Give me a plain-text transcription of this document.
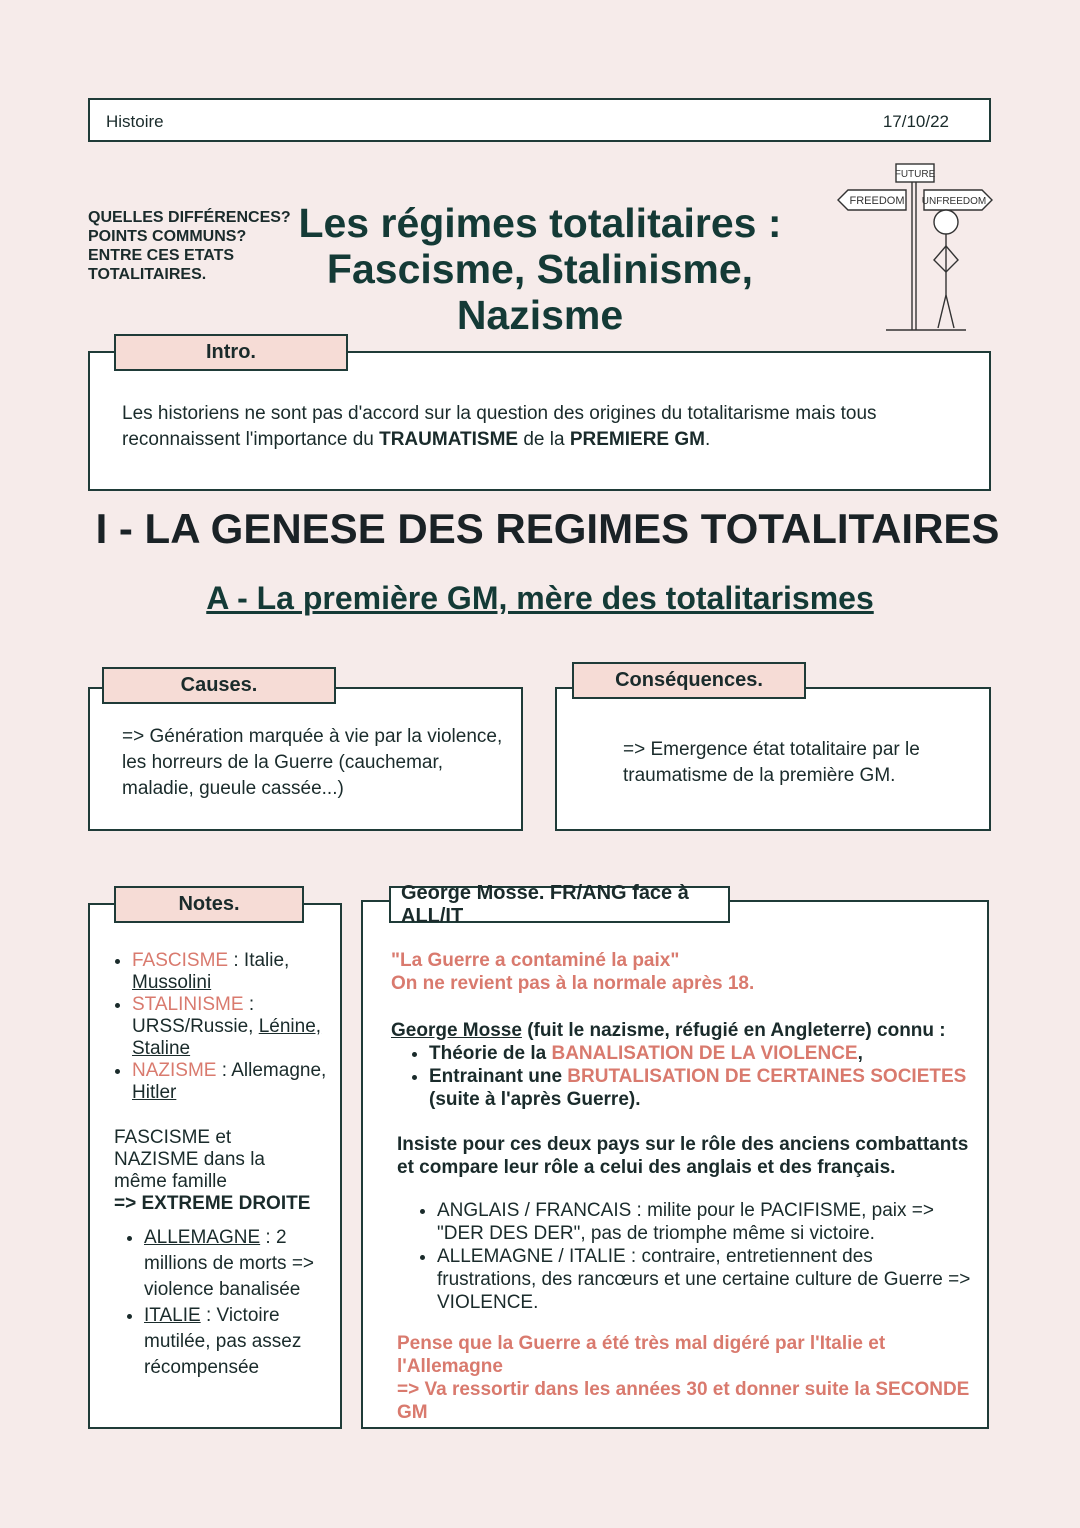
Histoire	17/10/22
QUELLES DIFFÉRENCES?
POINTS COMMUNS?
ENTRE CES ETATS
TOTALITAIRES.
Les régimes totalitaires :
Fascisme, Stalinisme, Nazisme
FUTURE
FREEDOM UNFREEDOM
Les historiens ne sont pas d'accord sur la question des origines du totalitarisme mais tous reconnaissent l'importance du TRAUMATISME de la PREMIERE GM.
Intro.
I - LA GENESE DES REGIMES TOTALITAIRES
A - La première GM, mère des totalitarismes
=> Génération marquée à vie par la violence, les horreurs de la Guerre (cauchemar, maladie, gueule cassée...)
Causes.
=> Emergence état totalitaire par le traumatisme de la première GM.
Conséquences.
• FASCISME : Italie, Mussolini
• STALINISME : URSS/Russie, Lénine, Staline
• NAZISME : Allemagne, Hitler
FASCISME et NAZISME dans la même famille
=> EXTREME DROITE
• ALLEMAGNE : 2 millions de morts => violence banalisée
• ITALIE : Victoire mutilée, pas assez récompensée
Notes.
"La Guerre a contaminé la paix"
On ne revient pas à la normale après 18.
George Mosse (fuit le nazisme, réfugié en Angleterre) connu :
• Théorie de la BANALISATION DE LA VIOLENCE,
• Entrainant une BRUTALISATION DE CERTAINES SOCIETES (suite à l'après Guerre).
Insiste pour ces deux pays sur le rôle des anciens combattants et compare leur rôle a celui des anglais et des français.
• ANGLAIS / FRANCAIS : milite pour le PACIFISME, paix => "DER DES DER", pas de triomphe même si victoire.
• ALLEMAGNE / ITALIE : contraire, entretiennent des frustrations, des rancœurs et une certaine culture de Guerre => VIOLENCE.
Pense que la Guerre a été très mal digéré par l'Italie et l'Allemagne
=> Va ressortir dans les années 30 et donner suite la SECONDE GM
George Mosse. FR/ANG face à ALL/IT
